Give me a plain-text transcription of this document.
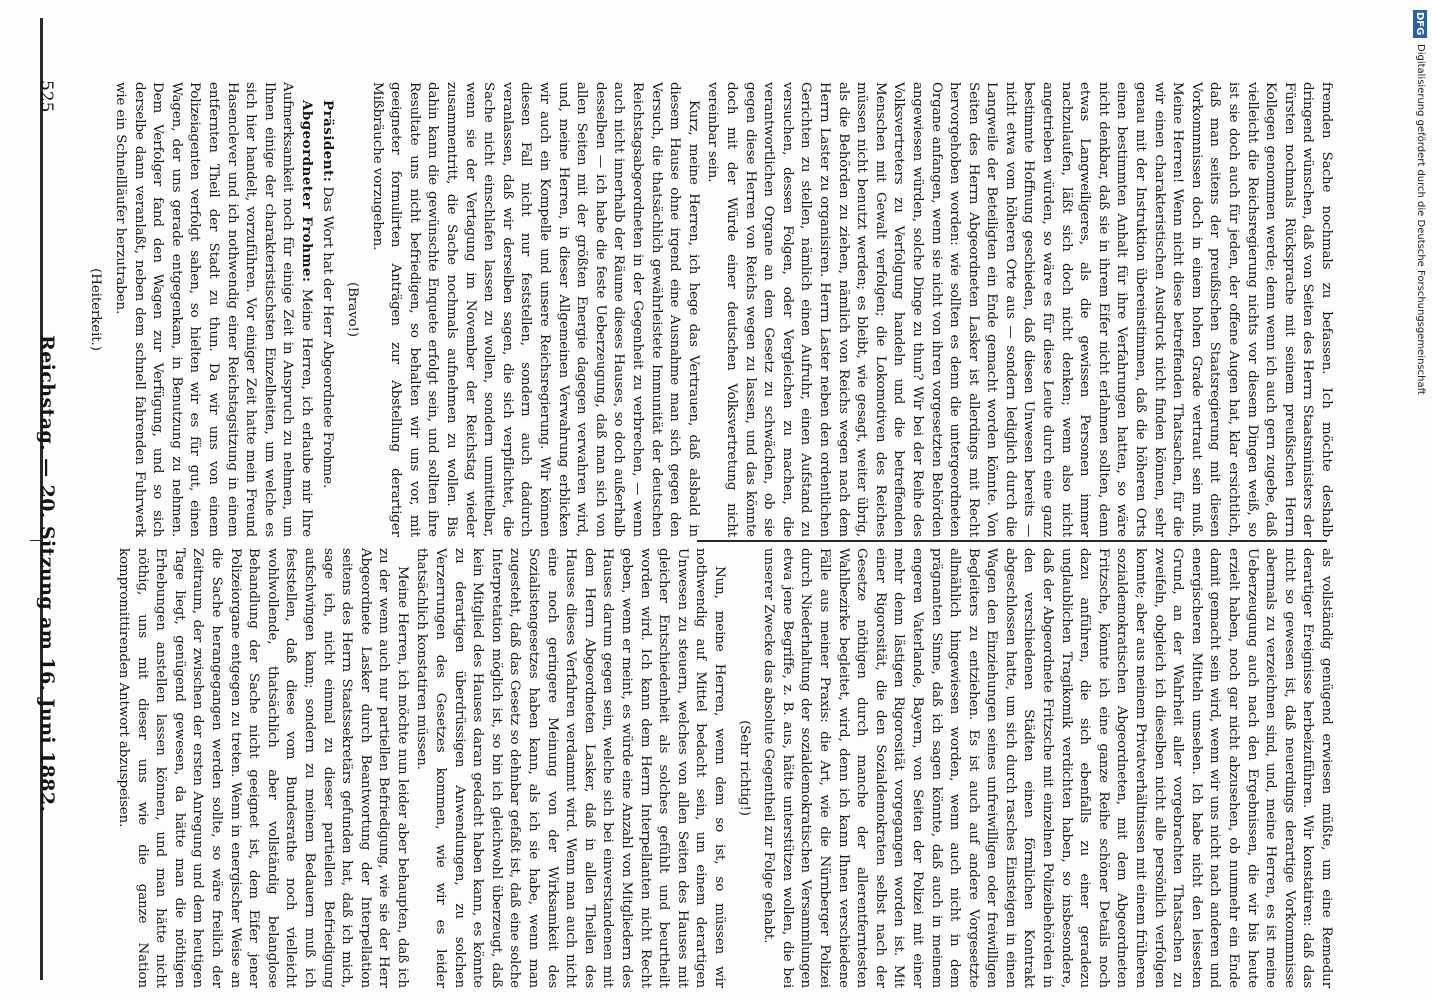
525
Reichstag. — 20. Sitzung am 16. Juni 1882.

fremden Sache nochmals zu befassen. Ich möchte deshalb dringend wünschen, daß von Seiten des Herrn Staatsministers der Fürsten nochmals Rücksprache mit seinem preußischen Herrn Kollegen genommen werde; denn wenn ich auch gern zugebe, daß vielleicht die Reichsregierung nichts vor diesem Dingen weiß, so ist sie doch auch für jeden, der offene Augen hat, klar ersichtlich, daß man seitens der preußischen Staatsregierung mit diesen Vorkommnissen doch in einem hohen Grade vertraut sein muß. Meine Herren! Wenn nicht diese betreffenden Thatsachen, für die wir einen charakteristischen Ausdruck nicht finden können, sehr genau mit der Instruktion übereinstimmen, daß die höheren Orts einen bestimmten Anhalt für ihre Verfahrungen hatten, so wäre nicht denkbar, daß sie in ihrem Eifer nicht erlahmen sollten, denn etwas Langweiligeres, als die gewissen Personen immer nachzulaufen, läßt sich doch nicht denken; wenn also nicht angetrieben würden, so wäre es für diese Leute durch eine ganz bestimmte Hoffnung geschieden, daß diesen Unwesen bereits — nicht etwa vom höheren Orte aus — sondern lediglich durch die Langweile der Beteiligten ein Ende gemacht worden könnte. Von Seiten des Herrn Abgeordneten Lasker ist allerdings mit Recht hervorgehoben worden: wie sollten es denn die untergeordneten Organe anfangen, wenn sie nicht von ihren vorgesetzten Behörden angewiesen würden, solche Dinge zu thun? Wir bei der Reihe des Volksvertreters zu Verfolgung handeln und die betreffenden Menschen mit Gewalt verfolgen; die Lokomotiven des Reiches müssen nicht benutzt werden; es bleibt, wie gesagt, weiter übrig, als die Behörden zu ziehen, nämlich von Reichs wegen nach dem Herrn Laster zu organisiren. Herrn Laster neben den ordentlichen Gerichten zu stellen, nämlich einen Aufruhr, einen Aufstand zu versuchen, dessen Folgen, oder Vergleichen zu machen, die verantwortlichen Organe an dem Gesetz zu schwächen, ob sie gegen diese Herren von Reichs wegen zu lassen, und das könnte doch mit der Würde einer deutschen Volksvertretung nicht vereinbar sein.

Kurz, meine Herren, ich hege das Vertrauen, daß alsbald in diesem Hause ohne irgend eine Ausnahme man sich gegen den Versuch, die thatsächlich gewährleistete Immunität der deutschen Reichstagsabgeordneten in der Gegenheit zu verbrechen, — wenn auch nicht innerhalb der Räume dieses Hauses, so doch außerhalb desselben — ich habe die feste Ueberzeugung, daß man sich von allen Seiten mit der größten Energie dagegen verwahren wird, und, meine Herren, in dieser Allgemeinen Verwahrung erblicken wir auch ein Kompelle und unsere Reichsregierung. Wir können diesen Fall nicht nur feststellen, sondern auch dadurch veranlassen, daß wir derselben sagen, die sich verpflichtet, die Sache nicht einschlafen lassen zu wollen, sondern unmittelbar, wenn sie der Vertagung im November der Reichstag wieder zusammentritt, die Sache nochmals aufnehmen zu wollen. Bis dahin kann die gewünschte Enquete erfolgt sein, und sollten ihre Resultate uns nicht befriedigen, so behalten wir uns vor, mit geeigneter formulirten Anträgen zur Abstellung derartiger Mißbräuche vorzugehen.

(Bravo!)

Präsident: Das Wort hat der Herr Abgeordnete Frohme.

Abgeordneter Frohme: Meine Herren, ich erlaube mir Ihre Aufmerksamkeit noch für einige Zeit in Anspruch zu nehmen, um Ihnen einige der charakteristischsten Einzelheiten, um welche es sich hier handelt, vorzuführen. Vor einiger Zeit hatte mein Freund Hasenclever und ich nothwendig einer Reichstagsitzung in einem entfernten Theil der Stadt zu thun. Da wir uns von einem Polizeiagenten verfolgt sahen, so hielten wir es für gut, einen Wagen, der uns gerade entgegenkam, in Benutzung zu nehmen. Dem Verfolger fand den Wagen zur Verfügung, und so sich derselbe dann veranlaßt, neben dem schnell fahrenden Fuhrwerk wie ein Schnellläufer herzutraben.

(Heiterkeit.)

als vollständig genügend erwiesen müßte, um eine Remedur derartiger Ereignisse herbeizuführen. Wir konstatiren: daß das nicht so gewesen ist, daß neuerdings derartige Vorkommnisse abermals zu verzeichnen sind, und, meine Herren, es ist meine Ueberzeugung auch nach den Ergebnissen, die wir bis heute erzielt haben, noch gar nicht abzusehen, ob nunmehr ein Ende damit gemacht sein wird, wenn wir uns nicht nach anderen und energischeren Mitteln umsehen. Ich habe nicht den leisesten Grund, an der Wahrheit aller vorgebrachten Thatsachen zu zweifeln, obgleich ich dieselben nicht alle persönlich verfolgen konnte; aber aus meinem Privatverhältnissen mit einem früheren sozialdemokratischen Abgeordneten, mit dem Abgeordneten Fritzsche, könnte ich eine ganze Reihe schöner Details noch dazu anführen, die sich ebenfalls zu einer geradezu unglaublichen Tragikomik verdichten haben, so insbesondere, daß der Abgeordnete Fritzsche mit einzelnen Polizeibehörden in den verschiedenen Städten einen förmlichen Kontrakt abgeschlossen hatte, um sich durch rasches Einsteigen in einen Wagen den Einziehungen seines unfreiwilligen oder freiwilligen Begleiters zu entziehen. Es ist auch auf andere Vorgesetzte allmählich hingewiesen worden, wenn auch nicht in dem prägnanten Sinne, daß ich sagen könnte, daß auch in meinem engeren Vaterlande, Bayern, von Seiten der Polizei mit einer mehr denn lästigen Rigorosität vorgegangen worden ist. Mit einer Rigorosität, die den Sozialdemokraten selbst nach der Gesetze nöthigen durch manche der allerentferntesten Wahlbezirke begleitet, wird, denn ich kann Ihnen verschiedene Fälle aus meiner Praxis: die Art, wie die Nürnberger Polizei durch Niederhaltung der sozialdemokratischen Versammlungen etwa jene Begriffe, z. B. aus, hätte unterstützen wollen, die bei unserer Zwecke das absolute Gegentheil zur Folge gehabt.

(Sehr richtig!)

Nun, meine Herren, wenn dem so ist, so müssen wir nothwendig auf Mittel bedacht sein, um einem derartigen Unwesen zu steuern, welches von allen Seiten des Hauses mit gleicher Entschiedenheit als solches gefühlt und beurtheilt worden wird. Ich kann dem Herrn Interpellanten nicht Recht geben, wenn er meint, es würde eine Anzahl von Mitgliedern des Hauses darum gegen sein, welche sich bei einverstandenen mit dem Herrn Abgeordneten Lasker, daß in allen Theilen des Hauses dieses Verfahren verdammt wird. Wenn man auch nicht eine noch geringere Meinung von der Wirksamkeit des Sozialistengesetzes haben kann, als ich sie habe, wenn man zugesteht, daß das Gesetz so dehnbar gefaßt ist, daß eine solche Interpretation möglich ist, so bin ich gleichwohl überzeugt, daß kein Mitglied des Hauses daran gedacht haben kann, es könnte zu derartigen überdrüssigen Anwendungen, zu solchen Verzerrungen des Gesetzes kommen, wie wir es leider thatsächlich konstatiren müssen.

Meine Herren, ich möchte nun leider aber behaupten, daß ich zu der wenn auch nur partiellen Befriedigung, wie sie der Herr Abgeordnete Lasker durch Beantwortung der Interpellation seitens des Herrn Staatssekretärs gefunden hat, daß ich mich, sage ich, nicht einmal zu dieser partiellen Befriedigung aufschwingen kann; sondern zu meinem Bedauern muß ich feststellen, daß diese vom Bundesrathe noch vielleicht wohlwollende, thatsächlich aber vollständig belanglose Behandlung der Sache nicht geeignet ist, dem Eifer jener Polizeiorgane entgegen zu treten. Wenn in energischer Weise an die Sache herangegangen werden sollte, so wäre freilich der Zeitraum, der zwischen der ersten Anregung und dem heutigen Tage liegt, genügend gewesen, da hätte man die nöthigen Erhebungen anstellen lassen können, und man hätte nicht nöthig, uns mit dieser uns wie die ganze Nation kompromittirenden Antwort abzuspeisen.

Digitalisierung gefördert durch die Deutsche Forschungsgemeinschaft
DFG
